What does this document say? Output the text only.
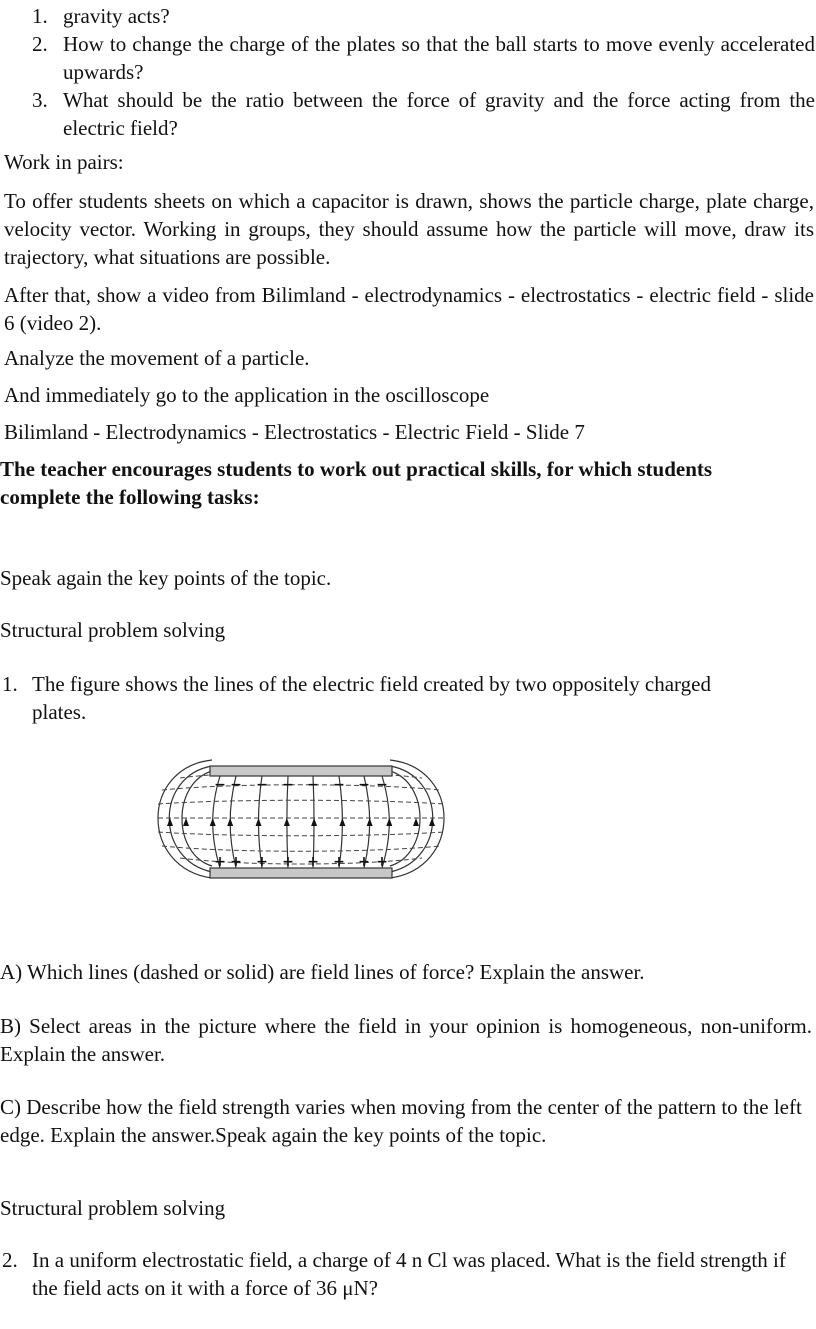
1. gravity acts?
2. How to change the charge of the plates so that the ball starts to move evenly accelerated upwards?
3. What should be the ratio between the force of gravity and the force acting from the electric field?
Work in pairs:
To offer students sheets on which a capacitor is drawn, shows the particle charge, plate charge, velocity vector. Working in groups, they should assume how the particle will move, draw its trajectory, what situations are possible.
After that, show a video from Bilimland - electrodynamics - electrostatics - electric field - slide 6 (video 2).
Analyze the movement of a particle.
And immediately go to the application in the oscilloscope
Bilimland - Electrodynamics - Electrostatics - Electric Field - Slide 7
The teacher encourages students to work out practical skills, for which students complete the following tasks:
Speak again the key points of the topic.
Structural problem solving
1. The figure shows the lines of the electric field created by two oppositely charged plates.
−
+
−
+
−
+
−
+
−
+
−
+
−
+
−
+
A) Which lines (dashed or solid) are field lines of force? Explain the answer.
B) Select areas in the picture where the field in your opinion is homogeneous, non-uniform. Explain the answer.
C) Describe how the field strength varies when moving from the center of the pattern to the left edge. Explain the answer.Speak again the key points of the topic.
Structural problem solving
2. In a uniform electrostatic field, a charge of 4 n Cl was placed. What is the field strength if the field acts on it with a force of 36 μN?
